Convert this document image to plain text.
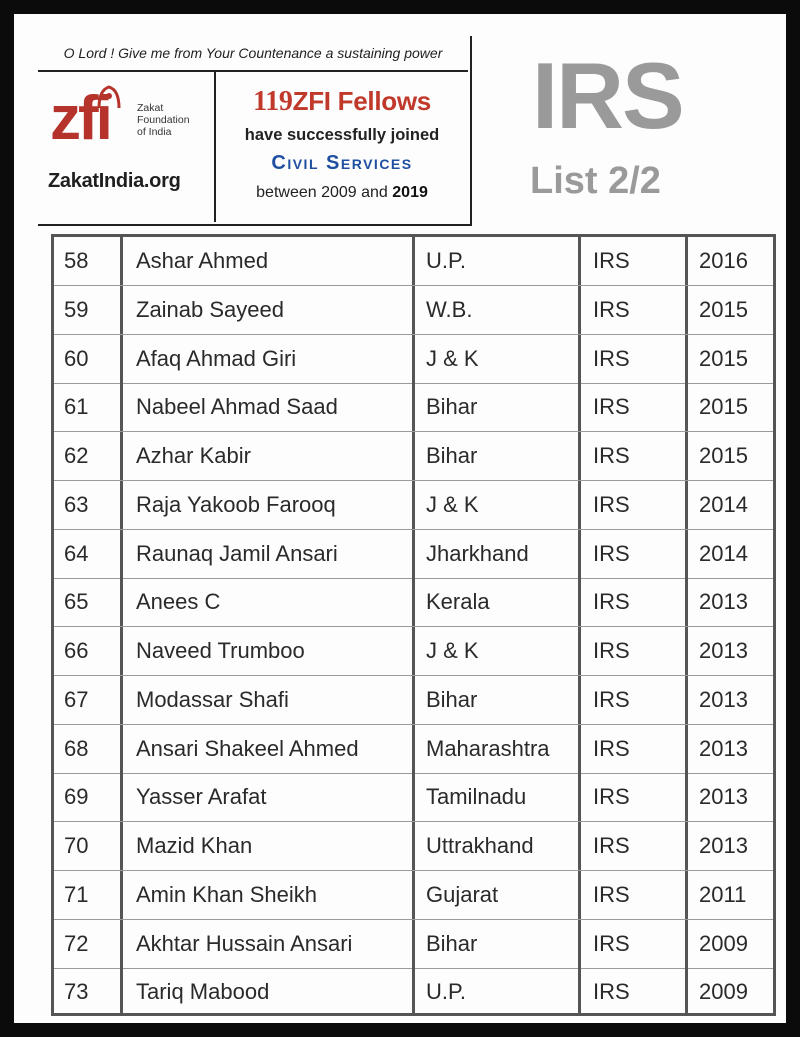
O Lord ! Give me from Your Countenance a sustaining power
zfi	Zakat
Foundation
of India
ZakatIndia.org
119ZFI Fellows
have successfully joined
Civil Services
between 2009 and 2019
IRS
List 2/2
58	Ashar Ahmed	U.P.	IRS	2016
59	Zainab Sayeed	W.B.	IRS	2015
60	Afaq Ahmad Giri	J & K	IRS	2015
61	Nabeel Ahmad Saad	Bihar	IRS	2015
62	Azhar Kabir	Bihar	IRS	2015
63	Raja Yakoob Farooq	J & K	IRS	2014
64	Raunaq Jamil Ansari	Jharkhand	IRS	2014
65	Anees C	Kerala	IRS	2013
66	Naveed Trumboo	J & K	IRS	2013
67	Modassar Shafi	Bihar	IRS	2013
68	Ansari Shakeel Ahmed	Maharashtra	IRS	2013
69	Yasser Arafat	Tamilnadu	IRS	2013
70	Mazid Khan	Uttrakhand	IRS	2013
71	Amin Khan Sheikh	Gujarat	IRS	2011
72	Akhtar Hussain Ansari	Bihar	IRS	2009
73	Tariq Mabood	U.P.	IRS	2009
